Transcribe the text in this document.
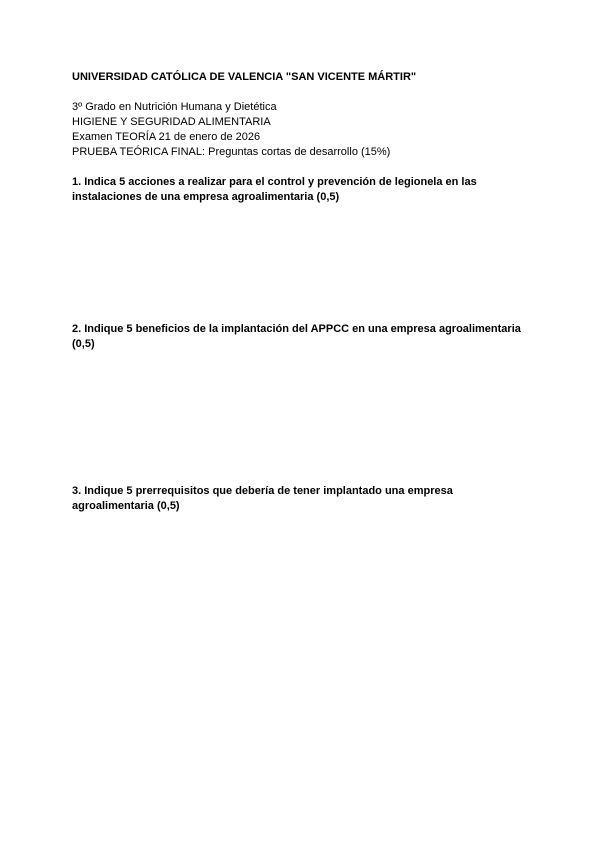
UNIVERSIDAD CATÓLICA DE VALENCIA "SAN VICENTE MÁRTIR"
3º Grado en Nutrición Humana y Dietética
HIGIENE Y SEGURIDAD ALIMENTARIA
Examen TEORÍA 21 de enero de 2026
PRUEBA TEÓRICA FINAL: Preguntas cortas de desarrollo (15%)
1. Indica 5 acciones a realizar para el control y prevención de legionela en las
instalaciones de una empresa agroalimentaria (0,5)
2. Indique 5 beneficios de la implantación del APPCC en una empresa agroalimentaria
(0,5)
3. Indique 5 prerrequisitos que debería de tener implantado una empresa
agroalimentaria (0,5)
